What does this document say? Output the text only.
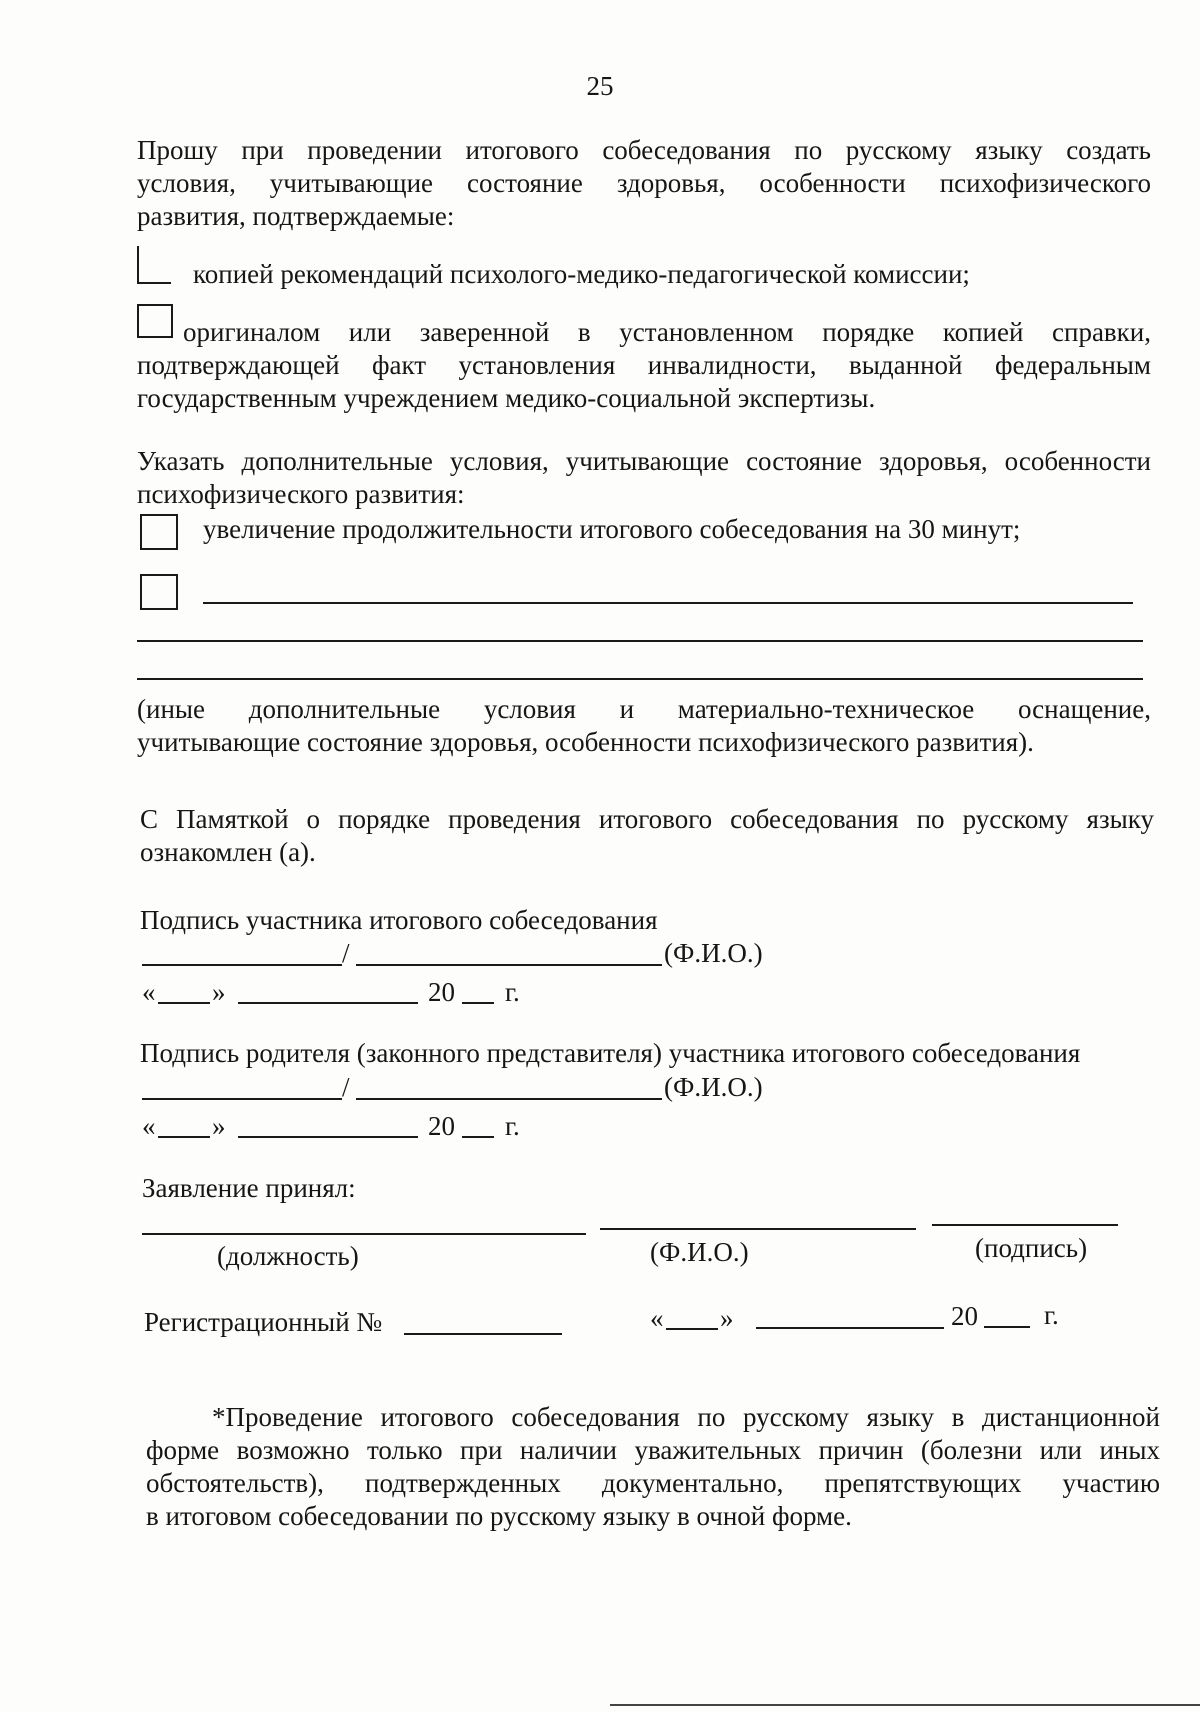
25
Прошу при проведении итогового собеседования по русскому языку создать
условия, учитывающие состояние здоровья, особенности психофизического
развития, подтверждаемые:
копией рекомендаций психолого-медико-педагогической комиссии;
оригиналом или заверенной в установленном порядке копией справки,
подтверждающей факт установления инвалидности, выданной федеральным
государственным учреждением медико-социальной экспертизы.
Указать дополнительные условия, учитывающие состояние здоровья, особенности
психофизического развития:
увеличение продолжительности итогового собеседования на 30 минут;
(иные дополнительные условия и материально-техническое оснащение,
учитывающие состояние здоровья, особенности психофизического развития).
С Памяткой о порядке проведения итогового собеседования по русскому языку
ознакомлен (а).
Подпись участника итогового собеседования
/	(Ф.И.О.)
« »	20 г.
Подпись родителя (законного представителя) участника итогового собеседования
/	(Ф.И.О.)
« »	20 г.
Заявление принял:
(должность)	(Ф.И.О.)	(подпись)
Регистрационный №	« »	20 г.
*Проведение итогового собеседования по русскому языку в дистанционной
форме возможно только при наличии уважительных причин (болезни или иных
обстоятельств), подтвержденных документально, препятствующих участию
в итоговом собеседовании по русскому языку в очной форме.
